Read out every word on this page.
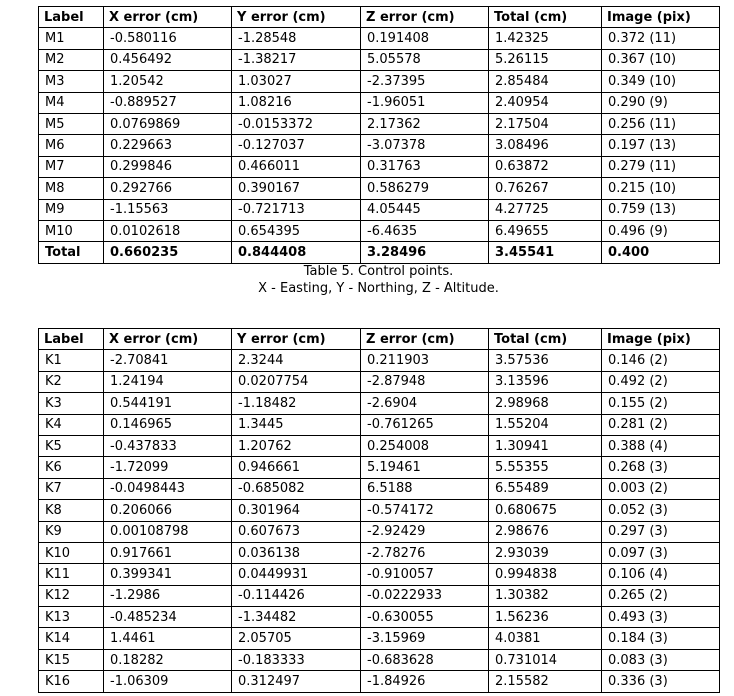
Label	X error (cm)	Y error (cm)	Z error (cm)	Total (cm)	Image (pix)
M1	-0.580116	-1.28548	0.191408	1.42325	0.372 (11)
M2	0.456492	-1.38217	5.05578	5.26115	0.367 (10)
M3	1.20542	1.03027	-2.37395	2.85484	0.349 (10)
M4	-0.889527	1.08216	-1.96051	2.40954	0.290 (9)
M5	0.0769869	-0.0153372	2.17362	2.17504	0.256 (11)
M6	0.229663	-0.127037	-3.07378	3.08496	0.197 (13)
M7	0.299846	0.466011	0.31763	0.63872	0.279 (11)
M8	0.292766	0.390167	0.586279	0.76267	0.215 (10)
M9	-1.15563	-0.721713	4.05445	4.27725	0.759 (13)
M10	0.0102618	0.654395	-6.4635	6.49655	0.496 (9)
Total	0.660235	0.844408	3.28496	3.45541	0.400
Table 5. Control points.
X - Easting, Y - Northing, Z - Altitude.
Label	X error (cm)	Y error (cm)	Z error (cm)	Total (cm)	Image (pix)
K1	-2.70841	2.3244	0.211903	3.57536	0.146 (2)
K2	1.24194	0.0207754	-2.87948	3.13596	0.492 (2)
K3	0.544191	-1.18482	-2.6904	2.98968	0.155 (2)
K4	0.146965	1.3445	-0.761265	1.55204	0.281 (2)
K5	-0.437833	1.20762	0.254008	1.30941	0.388 (4)
K6	-1.72099	0.946661	5.19461	5.55355	0.268 (3)
K7	-0.0498443	-0.685082	6.5188	6.55489	0.003 (2)
K8	0.206066	0.301964	-0.574172	0.680675	0.052 (3)
K9	0.00108798	0.607673	-2.92429	2.98676	0.297 (3)
K10	0.917661	0.036138	-2.78276	2.93039	0.097 (3)
K11	0.399341	0.0449931	-0.910057	0.994838	0.106 (4)
K12	-1.2986	-0.114426	-0.0222933	1.30382	0.265 (2)
K13	-0.485234	-1.34482	-0.630055	1.56236	0.493 (3)
K14	1.4461	2.05705	-3.15969	4.0381	0.184 (3)
K15	0.18282	-0.183333	-0.683628	0.731014	0.083 (3)
K16	-1.06309	0.312497	-1.84926	2.15582	0.336 (3)
